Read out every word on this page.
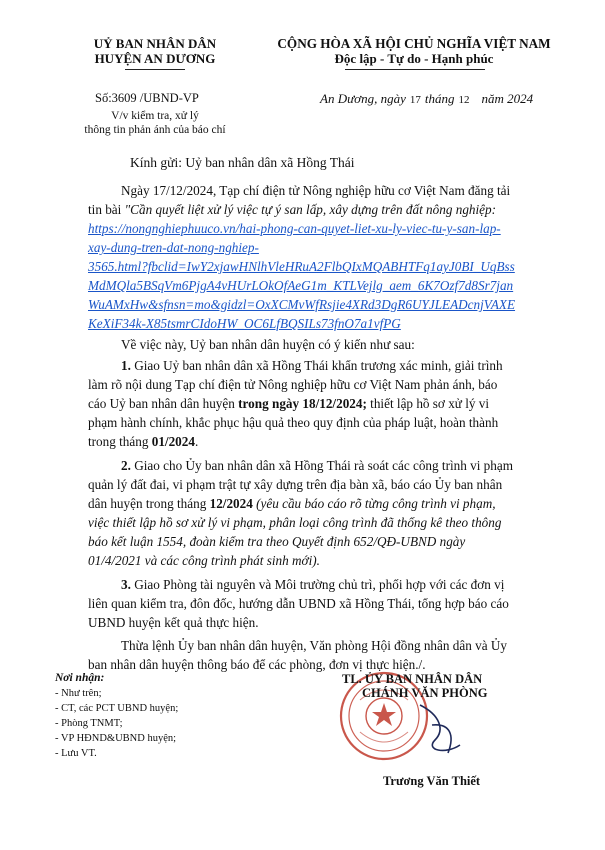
UỶ BAN NHÂN DÂN
HUYỆN AN DƯƠNG
CỘNG HÒA XÃ HỘI CHỦ NGHĨA VIỆT NAM
Độc lập - Tự do - Hạnh phúc
Số:3609 /UBND-VP
V/v kiểm tra, xử lý
thông tin phản ánh của báo chí
An Dương, ngày 17 tháng 12 năm 2024
Kính gửi: Uỷ ban nhân dân xã Hồng Thái
Ngày 17/12/2024, Tạp chí điện tử Nông nghiệp hữu cơ Việt Nam đăng tải
tin bài "Cần quyết liệt xử lý việc tự ý san lấp, xây dựng trên đất nông nghiệp:
https://nongnghiephuuco.vn/hai-phong-can-quyet-liet-xu-ly-viec-tu-y-san-lap-
xay-dung-tren-dat-nong-nghiep-
3565.html?fbclid=IwY2xjawHNlhVleHRuA2FlbQIxMQABHTFq1ayJ0BI_UqBss
MdMQla5BSqVm6PjgA4vHUrLOkOfAeG1m_KTLVejlg_aem_6K7Ozf7d8Sr7jan
WuAMxHw&sfnsn=mo&gidzl=OxXCMvWfRsjie4XRd3DgR6UYJLEADcnjVAXE
KeXiF34k-X85tsmrCIdoHW_OC6LfBQSILs73fnO7a1vfPG
Về việc này, Uỷ ban nhân dân huyện có ý kiến như sau:
1. Giao Uỷ ban nhân dân xã Hồng Thái khẩn trương xác minh, giải trình
làm rõ nội dung Tạp chí điện tử Nông nghiệp hữu cơ Việt Nam phản ánh, báo
cáo Uỷ ban nhân dân huyện trong ngày 18/12/2024; thiết lập hồ sơ xử lý vi
phạm hành chính, khắc phục hậu quả theo quy định của pháp luật, hoàn thành
trong tháng 01/2024.
2. Giao cho Ủy ban nhân dân xã Hồng Thái rà soát các công trình vi phạm
quản lý đất đai, vi phạm trật tự xây dựng trên địa bàn xã, báo cáo Ủy ban nhân
dân huyện trong tháng 12/2024 (yêu cầu báo cáo rõ từng công trình vi phạm,
việc thiết lập hồ sơ xử lý vi phạm, phân loại công trình đã thống kê theo thông
báo kết luận 1554, đoàn kiểm tra theo Quyết định 652/QĐ-UBND ngày
01/4/2021 và các công trình phát sinh mới).
3. Giao Phòng tài nguyên và Môi trường chủ trì, phối hợp với các đơn vị
liên quan kiểm tra, đôn đốc, hướng dẫn UBND xã Hồng Thái, tổng hợp báo cáo
UBND huyện kết quả thực hiện.
Thừa lệnh Ủy ban nhân dân huyện, Văn phòng Hội đồng nhân dân và Ủy
ban nhân dân huyện thông báo để các phòng, đơn vị thực hiện./.
Nơi nhận:
- Như trên;
- CT, các PCT UBND huyện;
- Phòng TNMT;
- VP HĐND&UBND huyện;
- Lưu VT.
TL. ỦY BAN NHÂN DÂN
CHÁNH VĂN PHÒNG
Trương Văn Thiết
